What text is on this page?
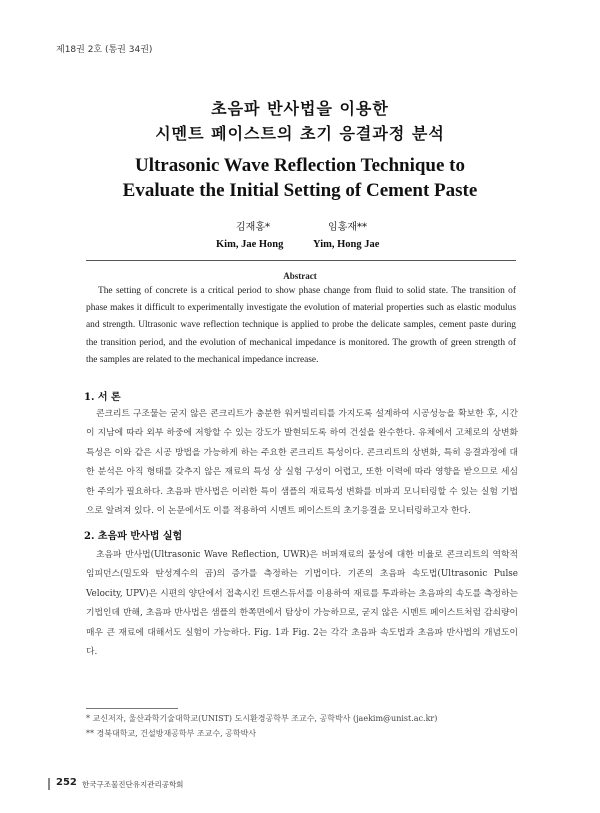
제18권 2호 (통권 34권)
초음파 반사법을 이용한
시멘트 페이스트의 초기 응결과정 분석
Ultrasonic Wave Reflection Technique to
Evaluate the Initial Setting of Cement Paste
김재홍*	임홍재**
Kim, Jae Hong	Yim, Hong Jae
Abstract
The setting of concrete is a critical period to show phase change from fluid to solid state. The transition of phase makes it difficult to experimentally investigate the evolution of material properties such as elastic modulus and strength. Ultrasonic wave reflection technique is applied to probe the delicate samples, cement paste during the transition period, and the evolution of mechanical impedance is monitored. The growth of green strength of the samples are related to the mechanical impedance increase.
1. 서 론
콘크리트 구조물는 굳지 않은 콘크리트가 충분한 워커빌리티를 가지도록 설계하여 시공성능을 확보한 후, 시간이 지남에 따라 외부 하중에 저항할 수 있는 강도가 발현되도록 하여 건설을 완수한다. 유체에서 고체로의 상변화 특성은 이와 같은 시공 방법을 가능하게 하는 주요한 콘크리트 특성이다. 콘크리트의 상변화, 특히 응결과정에 대한 분석은 아직 형태를 갖추지 않은 재료의 특성 상 실험 구성이 어렵고, 또한 이력에 따라 영향을 받으므로 세심한 주의가 필요하다. 초음파 반사법은 이러한 특이 샘플의 재료특성 변화를 비파괴 모니터링할 수 있는 실험 기법으로 알려져 있다. 이 논문에서도 이를 적용하여 시멘트 페이스트의 초기응결을 모니터링하고자 한다.
2. 초음파 반사법 실험
초음파 반사법(Ultrasonic Wave Reflection, UWR)은 버퍼재료의 물성에 대한 비율로 콘크리트의 역학적 임피던스(밀도와 탄성계수의 곱)의 증가를 측정하는 기법이다. 기존의 초음파 속도법(Ultrasonic Pulse Velocity, UPV)은 시편의 양단에서 접촉시킨 트랜스듀서를 이용하여 재료를 투과하는 초음파의 속도를 측정하는 기법인데 반해, 초음파 반사법은 샘플의 한쪽면에서 탐상이 가능하므로, 굳지 않은 시멘트 페이스트처럼 감쇠량이 매우 큰 재료에 대해서도 실험이 가능하다. Fig. 1과 Fig. 2는 각각 초음파 속도법과 초음파 반사법의 개념도이다.
* 교신저자, 울산과학기술대학교(UNIST) 도시환경공학부 조교수, 공학박사 (jaekim@unist.ac.kr)
** 경북대학교, 건설방재공학부 조교수, 공학박사
252 한국구조물진단유지관리공학회
